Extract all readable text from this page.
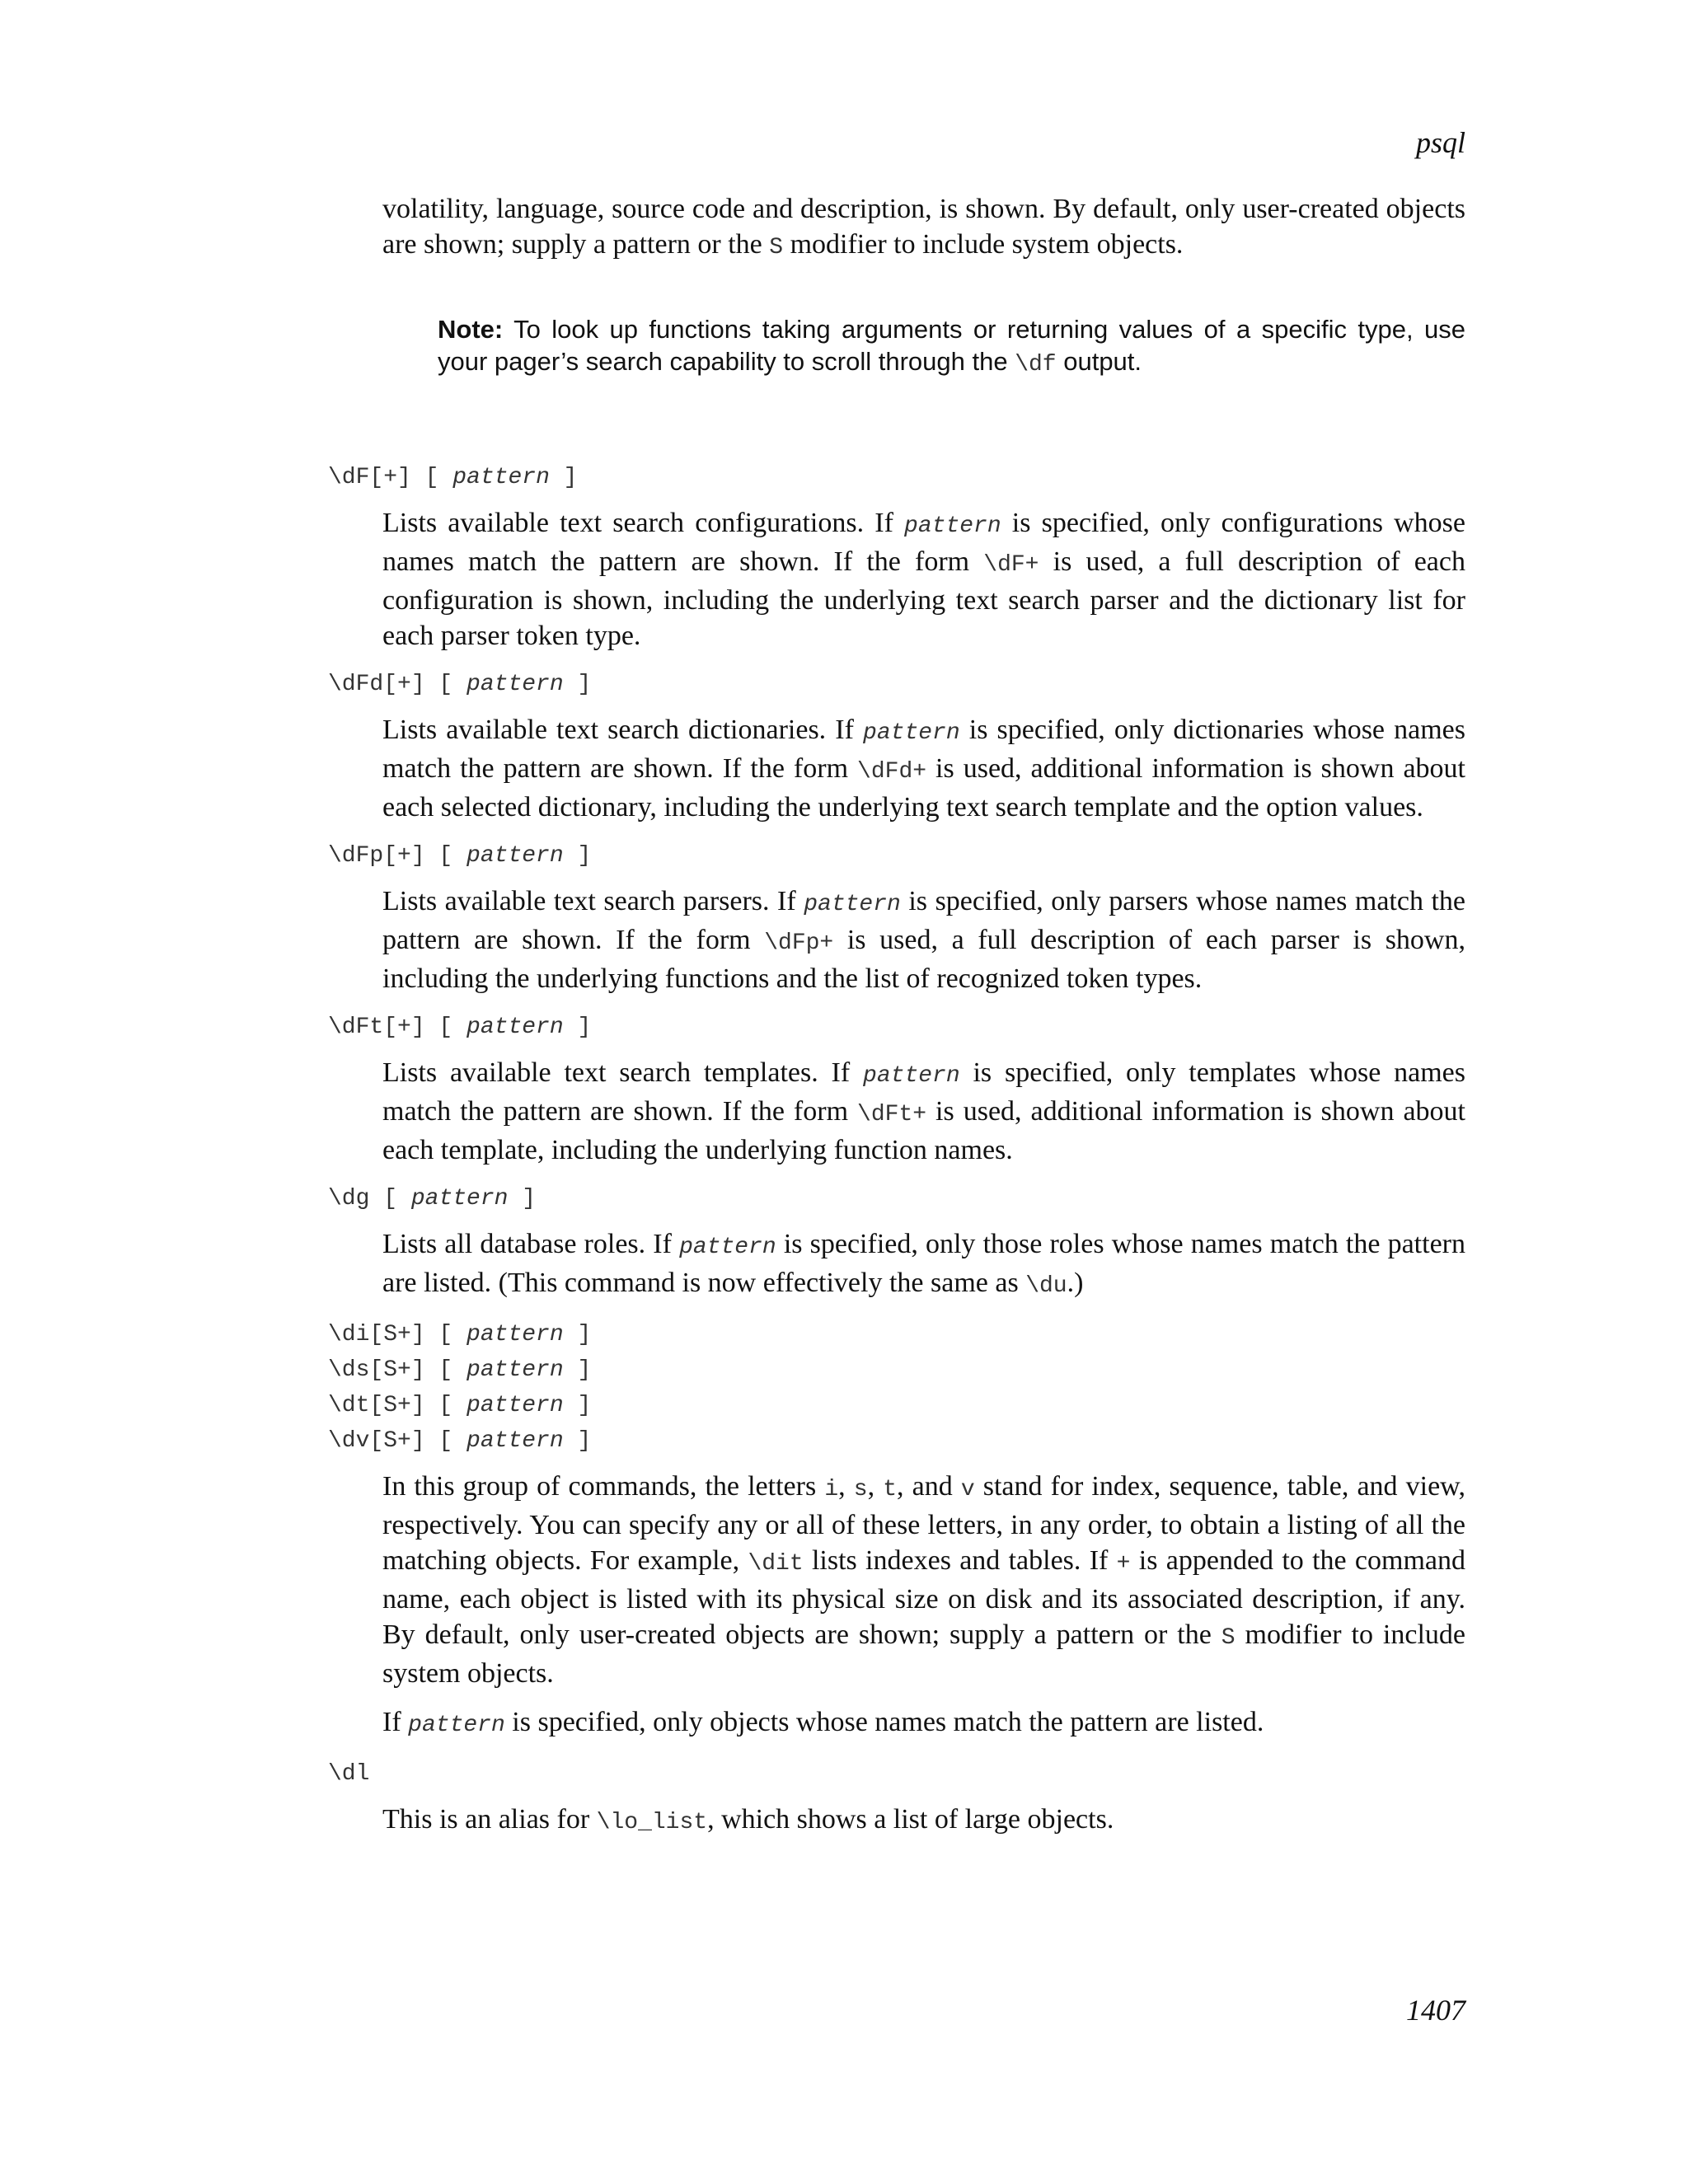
psql
volatility, language, source code and description, is shown. By default, only user-created objects are shown; supply a pattern or the S modifier to include system objects.
Note: To look up functions taking arguments or returning values of a specific type, use your pager’s search capability to scroll through the \df output.
\dF[+] [ pattern ]
Lists available text search configurations. If pattern is specified, only configurations whose names match the pattern are shown. If the form \dF+ is used, a full description of each configuration is shown, including the underlying text search parser and the dictionary list for each parser token type.
\dFd[+] [ pattern ]
Lists available text search dictionaries. If pattern is specified, only dictionaries whose names match the pattern are shown. If the form \dFd+ is used, additional information is shown about each selected dictionary, including the underlying text search template and the option values.
\dFp[+] [ pattern ]
Lists available text search parsers. If pattern is specified, only parsers whose names match the pattern are shown. If the form \dFp+ is used, a full description of each parser is shown, including the underlying functions and the list of recognized token types.
\dFt[+] [ pattern ]
Lists available text search templates. If pattern is specified, only templates whose names match the pattern are shown. If the form \dFt+ is used, additional information is shown about each template, including the underlying function names.
\dg [ pattern ]
Lists all database roles. If pattern is specified, only those roles whose names match the pattern are listed. (This command is now effectively the same as \du.)
\di[S+] [ pattern ]
\ds[S+] [ pattern ]
\dt[S+] [ pattern ]
\dv[S+] [ pattern ]
In this group of commands, the letters i, s, t, and v stand for index, sequence, table, and view, respectively. You can specify any or all of these letters, in any order, to obtain a listing of all the matching objects. For example, \dit lists indexes and tables. If + is appended to the command name, each object is listed with its physical size on disk and its associated description, if any. By default, only user-created objects are shown; supply a pattern or the S modifier to include system objects.
If pattern is specified, only objects whose names match the pattern are listed.
\dl
This is an alias for \lo_list, which shows a list of large objects.
1407
